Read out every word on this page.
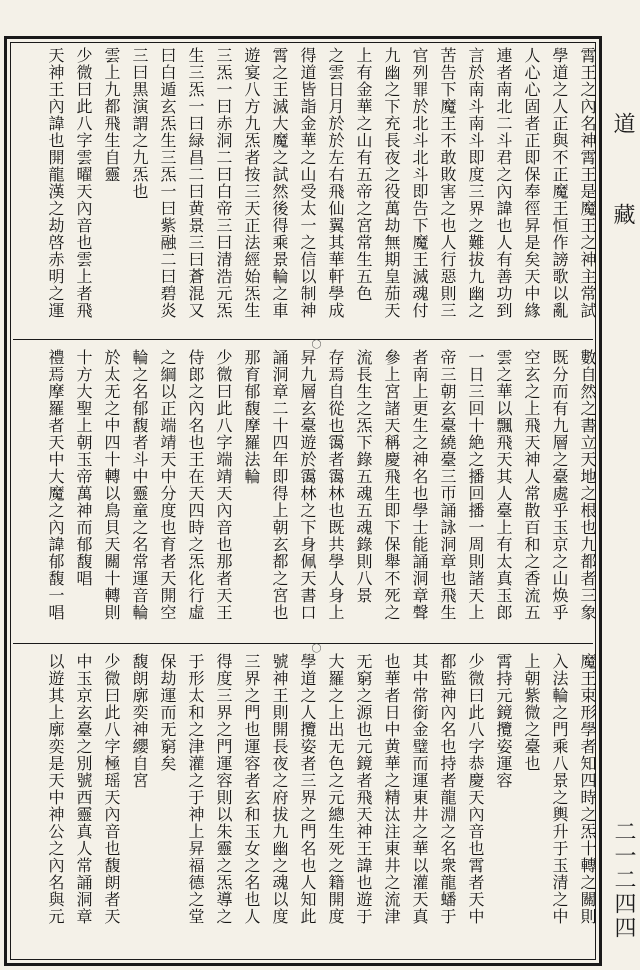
道 藏
二一二四四
霄王之內名神霄王是魔王之神主常試
學道之人正與不正魔王恒作謗歌以亂
人心心固者正即保奉徑昇是矣天中緣
連者南北二斗君之內諱也人有善功到
言於南斗南斗即度三界之難拔九幽之
苦告下魔王不敢敗害之也人行惡則三
官列罪於北斗北斗即告下魔王滅魂付
九幽之下充長夜之役萬劫無期皇茄天
上有金華之山有五帝之宮常生五色
之雲日月於於左右飛仙翼其華軒學成
得道皆詣金華之山受太一之信以制神
霄之王滅大魔之試然後得乘景輪之車
遊宴八方九炁者按三天正法經始炁生
三炁一曰赤洞二曰白帝三曰清浩元炁
生三炁一曰緑昌二曰黄景三曰蒼混又
曰白遁玄炁生三炁一曰紫融二曰碧炎
三曰黒演謂之九炁也
雲上九都飛生自靈
少微曰此八字雲曜天內音也雲上者飛
天神王內諱也開龍漢之劫啓赤明之運
〇
數自然之書立天地之根也九都者三象
既分而有九層之臺處乎玉京之山焕乎
空玄之上飛天神人常散百和之香流五
雲之華以飄飛天其人臺上有太真玉郎
一日三回十絶之播回播一周則諸天上
帝三朝玄臺繞臺三帀誦詠洞章也飛生
者南上更生之神名也學士能誦洞章聲
參上宮諸天稱慶飛生即下保舉不死之
流長生之炁下錄五魂五魂錄則八景
存焉自從也霭者霭林也既共學人身上
昇九層玄臺遊於霭林之下身佩天書口
誦洞章二十四年即得上朝玄都之宮也
那育郁馥摩羅法輪
少微曰此八字端靖天內音也那者天王
侍郎之內名也王在天四時之炁化行虛
之綱以正端靖天中分度也育者天開空
輪之名郁馥者斗中靈童之名常運音輪
於太无之中四十轉以鳥貝天關十轉則
十方大聖上朝玉帝萬神而郁馥唱
禮焉摩羅者天中大魔之內諱郁馥一唱
〇
魔王束形學者知四時之炁十轉之關則
入法輪之門乘八景之輿升于玉清之中
上朝紫微之臺也
霄持元鏡攬姿運容
少微曰此八字恭慶天內音也霄者天中
都監神內名也持者龍淵之名衆龍蟠于
其中常銜金璧而運東井之華以灌天真
也華者日中黄華之精汰注東井之流津
无窮之源也元鏡者飛天神王諱也遊于
大羅之上出无色之元總生死之籍開度
學道之人攬姿者三界之門名也人知此
號神王則開長夜之府拔九幽之魂以度
三界之門也運容者玄和玉女之名也人
得度三界之門運容則以朱靈之炁導之
于形太和之津灌之于神上昇福德之堂
保劫運而无窮矣
馥朗廓奕神纓自宮
少微曰此八字極瑶天內音也馥朗者天
中玉京玄臺之別號西靈真人常誦洞章
以遊其上廓奕是天中神公之內名與元
